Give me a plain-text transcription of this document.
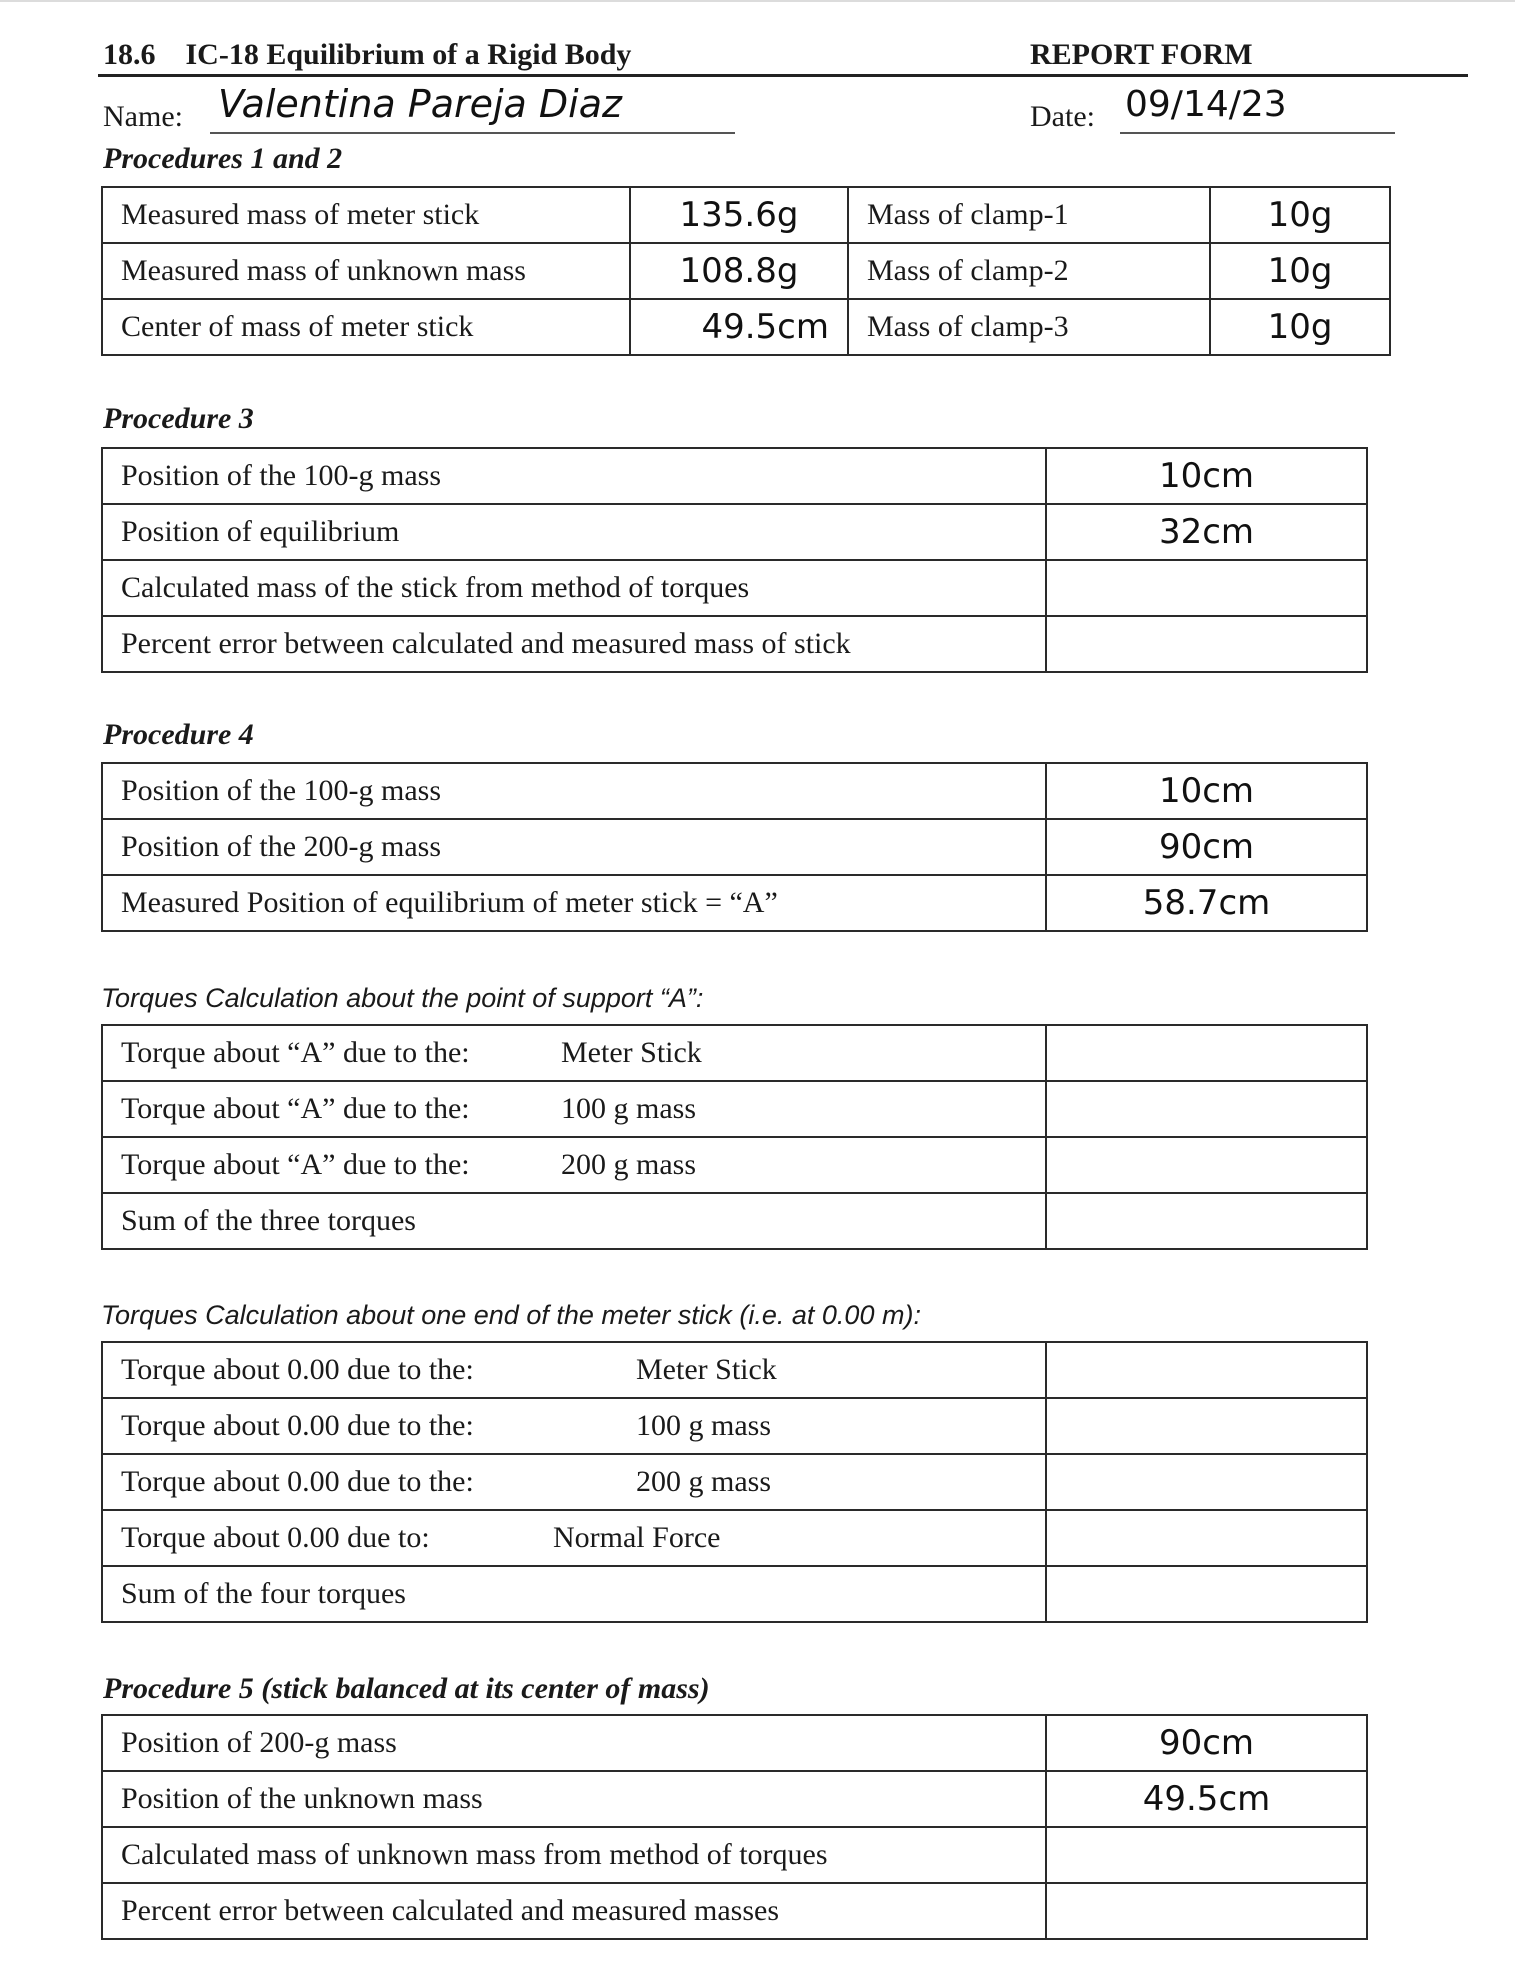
18.6 IC-18 Equilibrium of a Rigid Body	REPORT FORM
Name: Valentina Pareja Diaz	Date: 09/14/23
Procedures 1 and 2
Measured mass of meter stick	135.6g	Mass of clamp-1	10g
Measured mass of unknown mass	108.8g	Mass of clamp-2	10g
Center of mass of meter stick	49.5cm	Mass of clamp-3	10g
Procedure 3
Position of the 100-g mass	10cm
Position of equilibrium	32cm
Calculated mass of the stick from method of torques	
Percent error between calculated and measured mass of stick	
Procedure 4
Position of the 100-g mass	10cm
Position of the 200-g mass	90cm
Measured Position of equilibrium of meter stick = “A”	58.7cm
Torques Calculation about the point of support “A”:
Torque about “A” due to the: Meter Stick	
Torque about “A” due to the: 100 g mass	
Torque about “A” due to the: 200 g mass	
Sum of the three torques	
Torques Calculation about one end of the meter stick (i.e. at 0.00 m):
Torque about 0.00 due to the: Meter Stick	
Torque about 0.00 due to the: 100 g mass	
Torque about 0.00 due to the: 200 g mass	
Torque about 0.00 due to: Normal Force	
Sum of the four torques	
Procedure 5 (stick balanced at its center of mass)
Position of 200-g mass	90cm
Position of the unknown mass	49.5cm
Calculated mass of unknown mass from method of torques	
Percent error between calculated and measured masses	
